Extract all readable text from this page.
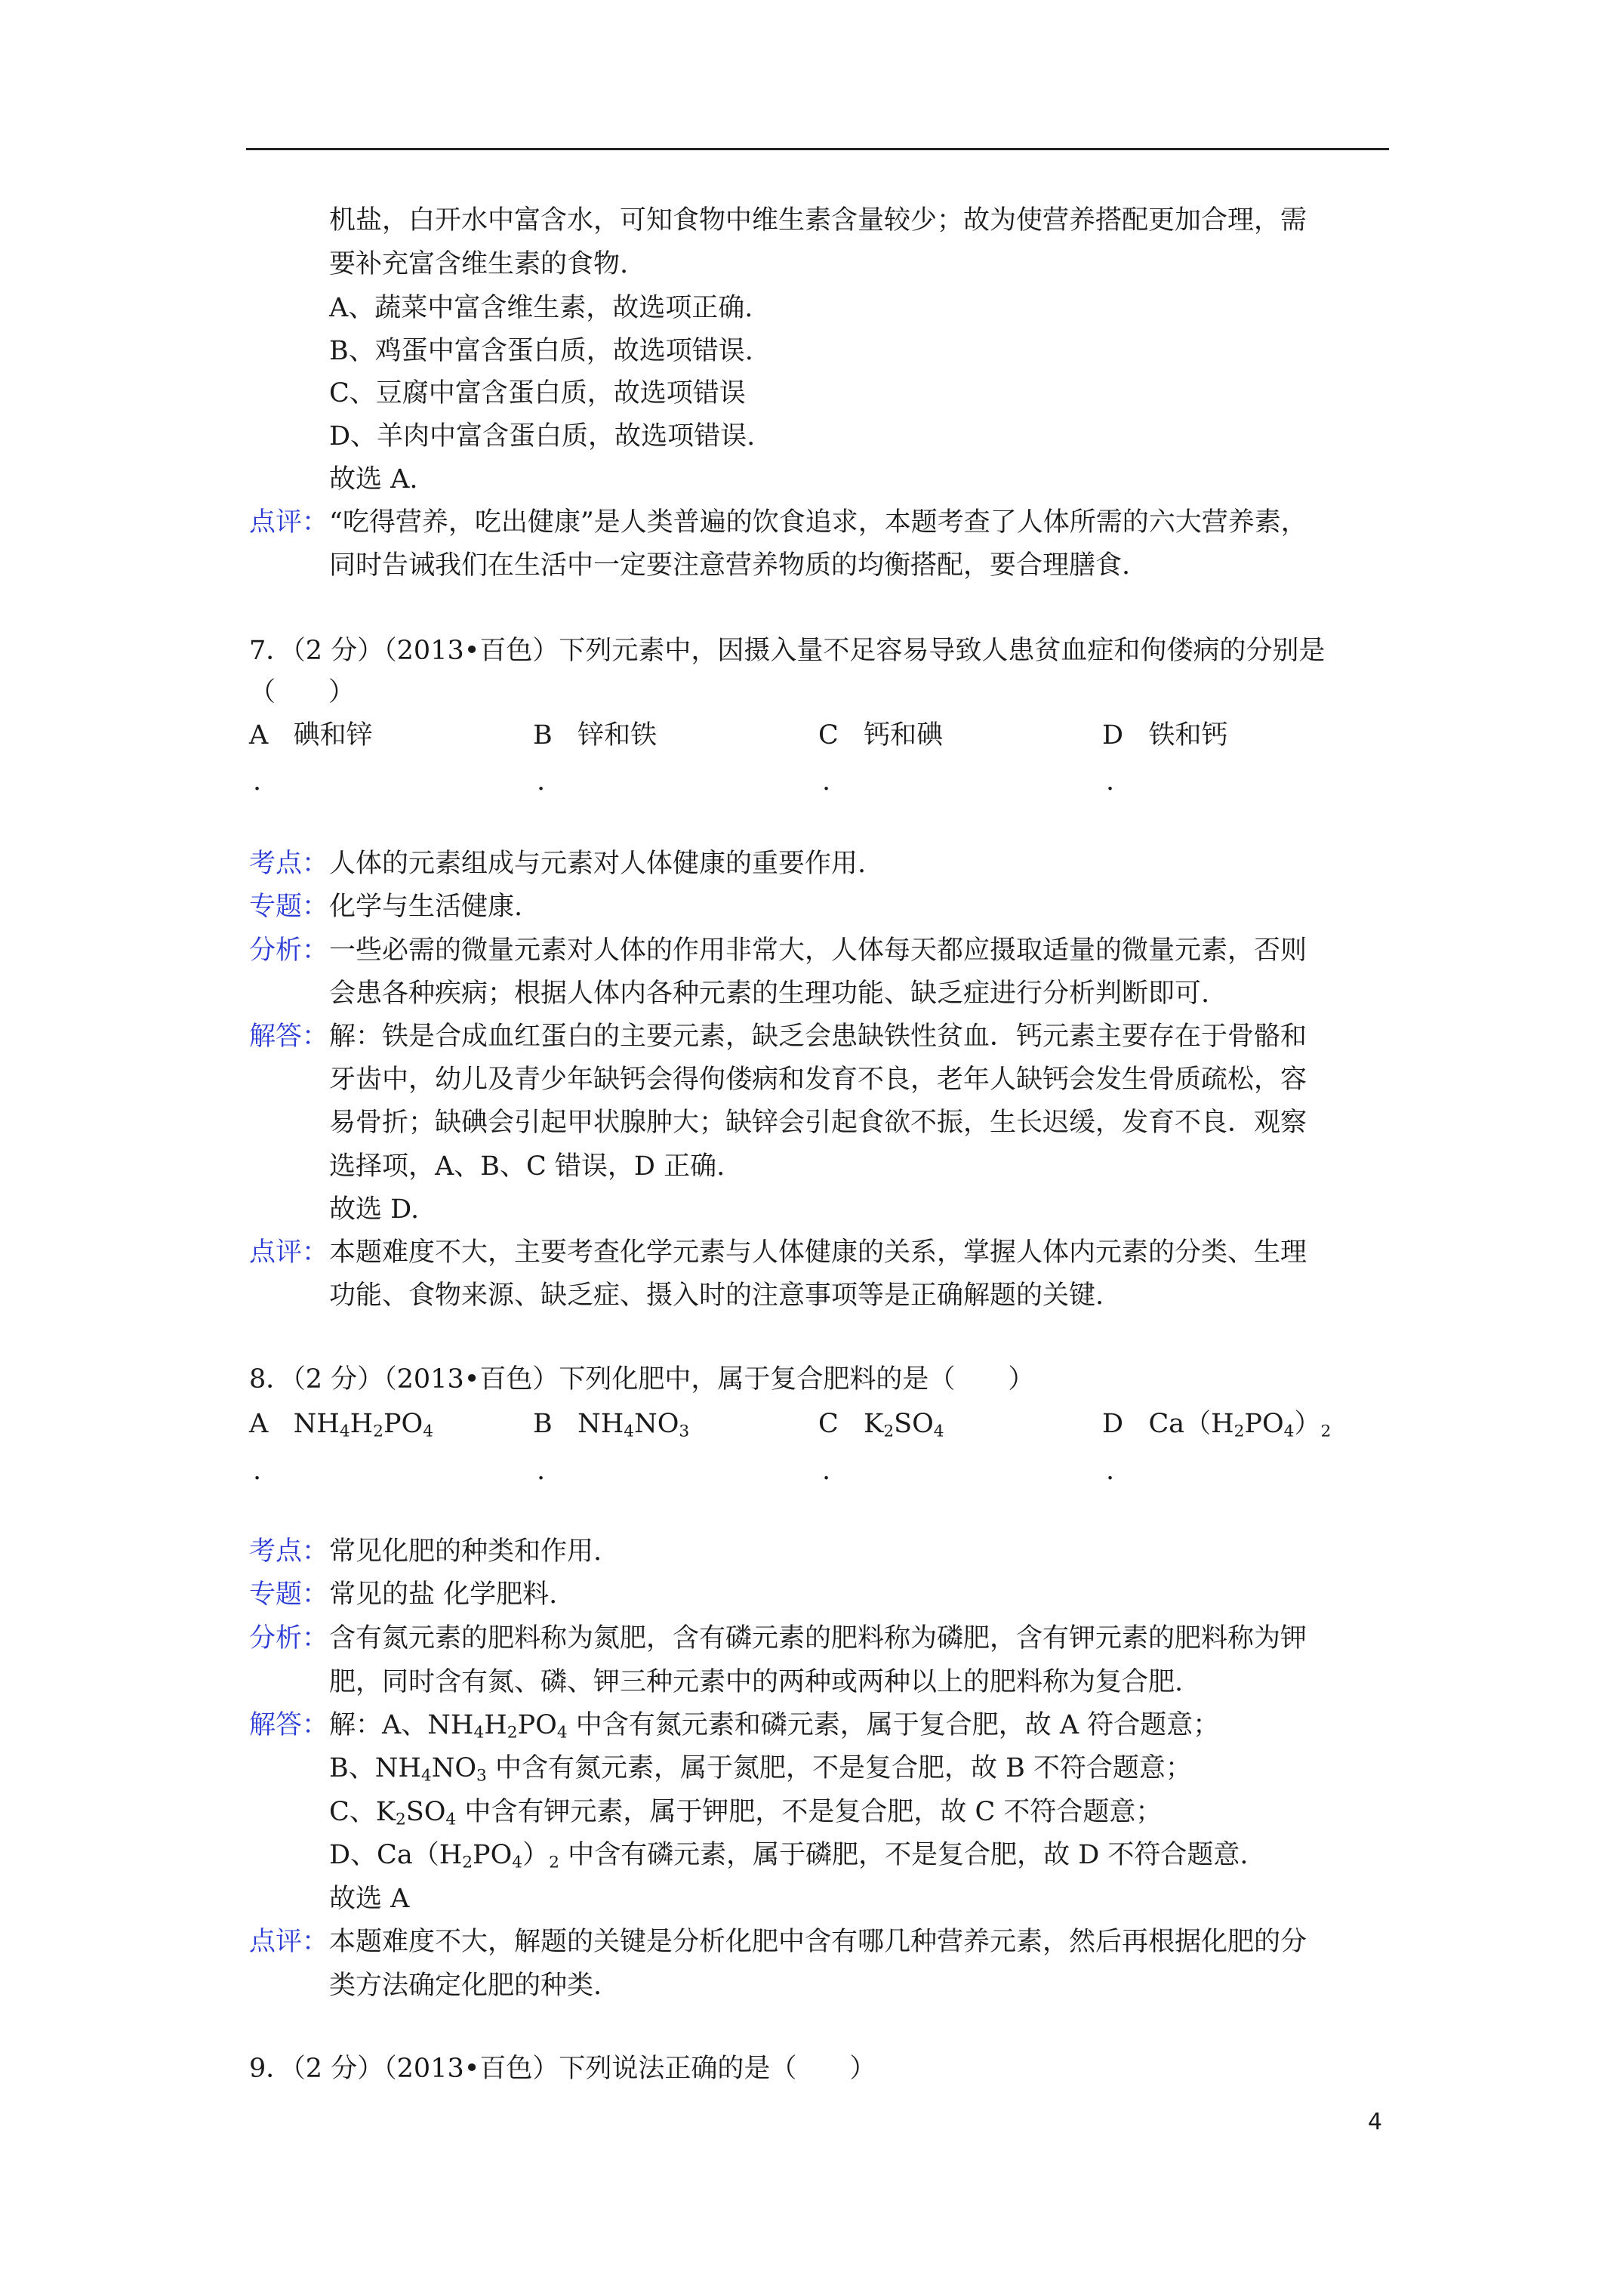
机盐，白开水中富含水，可知食物中维生素含量较少；故为使营养搭配更加合理，需
要补充富含维生素的食物.
A、蔬菜中富含维生素，故选项正确.
B、鸡蛋中富含蛋白质，故选项错误.
C、豆腐中富含蛋白质，故选项错误
D、羊肉中富含蛋白质，故选项错误.
故选 A.
点评： “吃得营养，吃出健康”是人类普遍的饮食追求，本题考查了人体所需的六大营养素，
同时告诫我们在生活中一定要注意营养物质的均衡搭配，要合理膳食.
7．（2 分）（2013•百色）下列元素中，因摄入量不足容易导致人患贫血症和佝偻病的分别是
（　　）
A 碘和锌	B 锌和铁	C 钙和碘	D 铁和钙
.	.	.	.
考点： 人体的元素组成与元素对人体健康的重要作用.
专题： 化学与生活健康.
分析： 一些必需的微量元素对人体的作用非常大，人体每天都应摄取适量的微量元素，否则
会患各种疾病；根据人体内各种元素的生理功能、缺乏症进行分析判断即可.
解答： 解：铁是合成血红蛋白的主要元素，缺乏会患缺铁性贫血．钙元素主要存在于骨骼和
牙齿中，幼儿及青少年缺钙会得佝偻病和发育不良，老年人缺钙会发生骨质疏松，容
易骨折；缺碘会引起甲状腺肿大；缺锌会引起食欲不振，生长迟缓，发育不良．观察
选择项，A、B、C 错误，D 正确.
故选 D.
点评： 本题难度不大，主要考查化学元素与人体健康的关系，掌握人体内元素的分类、生理
功能、食物来源、缺乏症、摄入时的注意事项等是正确解题的关键.
8．（2 分）（2013•百色）下列化肥中，属于复合肥料的是（　　）
A   $NH_4H_2PO_4$	B   $NH_4NO_3$	C   $K_2SO_4$	D   $Ca(H_2PO_4)_2$
.	.	.	.
考点： 常见化肥的种类和作用.
专题： 常见的盐 化学肥料.
分析： 含有氮元素的肥料称为氮肥，含有磷元素的肥料称为磷肥，含有钾元素的肥料称为钾
肥，同时含有氮、磷、钾三种元素中的两种或两种以上的肥料称为复合肥.
解答： 解：A、$NH_4H_2PO_4$ 中含有氮元素和磷元素，属于复合肥，故 A 符合题意；
B、$NH_4NO_3$ 中含有氮元素，属于氮肥，不是复合肥，故 B 不符合题意；
C、$K_2SO_4$ 中含有钾元素，属于钾肥，不是复合肥，故 C 不符合题意；
D、$Ca(H_2PO_4)_2$ 中含有磷元素，属于磷肥，不是复合肥，故 D 不符合题意.
故选 A
点评： 本题难度不大，解题的关键是分析化肥中含有哪几种营养元素，然后再根据化肥的分
类方法确定化肥的种类.
9．（2 分）（2013•百色）下列说法正确的是（　　）
4
